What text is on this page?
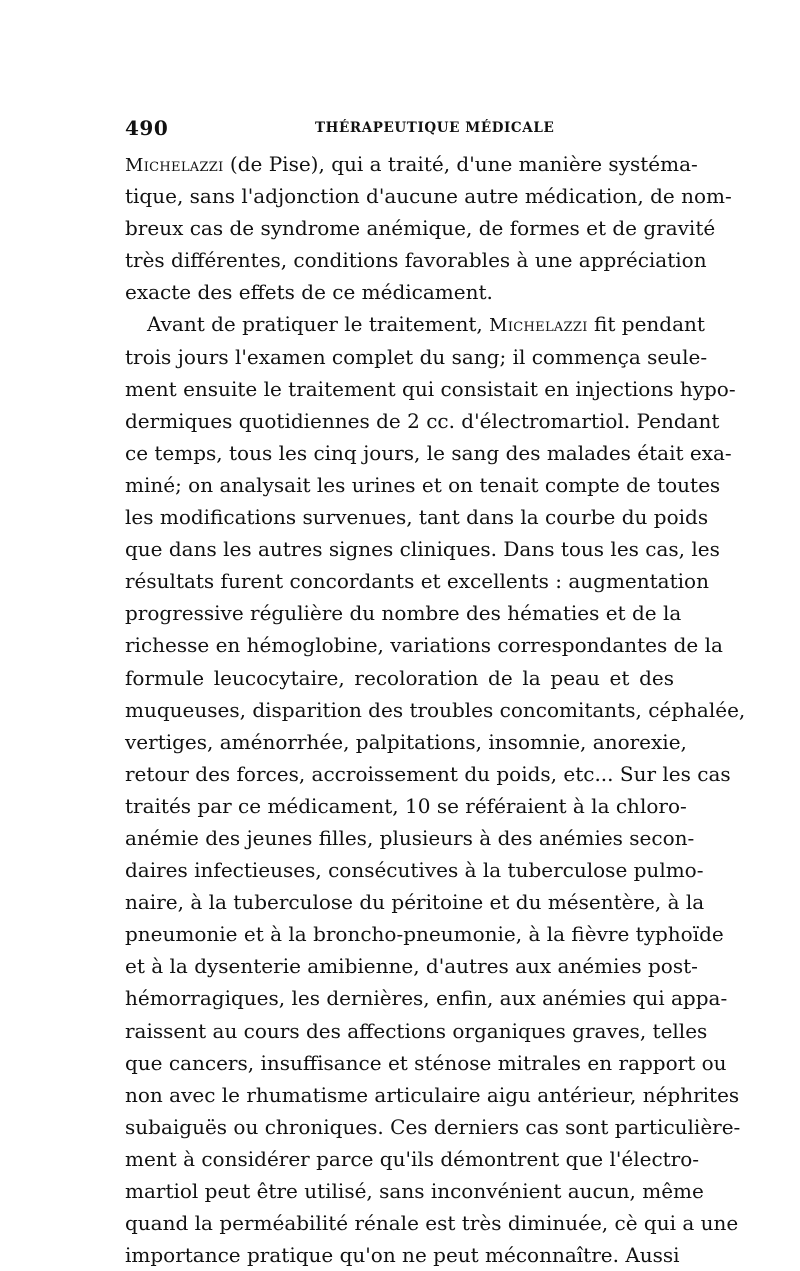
490	THÉRAPEUTIQUE MÉDICALE
Michelazzi (de Pise), qui a traité, d'une manière systéma-
tique, sans l'adjonction d'aucune autre médication, de nom-
breux cas de syndrome anémique, de formes et de gravité
très différentes, conditions favorables à une appréciation
exacte des effets de ce médicament.
Avant de pratiquer le traitement, Michelazzi fit pendant
trois jours l'examen complet du sang; il commença seule-
ment ensuite le traitement qui consistait en injections hypo-
dermiques quotidiennes de 2 cc. d'électromartiol. Pendant
ce temps, tous les cinq jours, le sang des malades était exa-
miné; on analysait les urines et on tenait compte de toutes
les modifications survenues, tant dans la courbe du poids
que dans les autres signes cliniques. Dans tous les cas, les
résultats furent concordants et excellents : augmentation
progressive régulière du nombre des hématies et de la
richesse en hémoglobine, variations correspondantes de la
formule leucocytaire, recoloration de la peau et des
muqueuses, disparition des troubles concomitants, céphalée,
vertiges, aménorrhée, palpitations, insomnie, anorexie,
retour des forces, accroissement du poids, etc... Sur les cas
traités par ce médicament, 10 se référaient à la chloro-
anémie des jeunes filles, plusieurs à des anémies secon-
daires infectieuses, consécutives à la tuberculose pulmo-
naire, à la tuberculose du péritoine et du mésentère, à la
pneumonie et à la broncho-pneumonie, à la fièvre typhoïde
et à la dysenterie amibienne, d'autres aux anémies post-
hémorragiques, les dernières, enfin, aux anémies qui appa-
raissent au cours des affections organiques graves, telles
que cancers, insuffisance et sténose mitrales en rapport ou
non avec le rhumatisme articulaire aigu antérieur, néphrites
subaiguës ou chroniques. Ces derniers cas sont particulière-
ment à considérer parce qu'ils démontrent que l'électro-
martiol peut être utilisé, sans inconvénient aucun, même
quand la perméabilité rénale est très diminuée, cè qui a une
importance pratique qu'on ne peut méconnaître. Aussi
